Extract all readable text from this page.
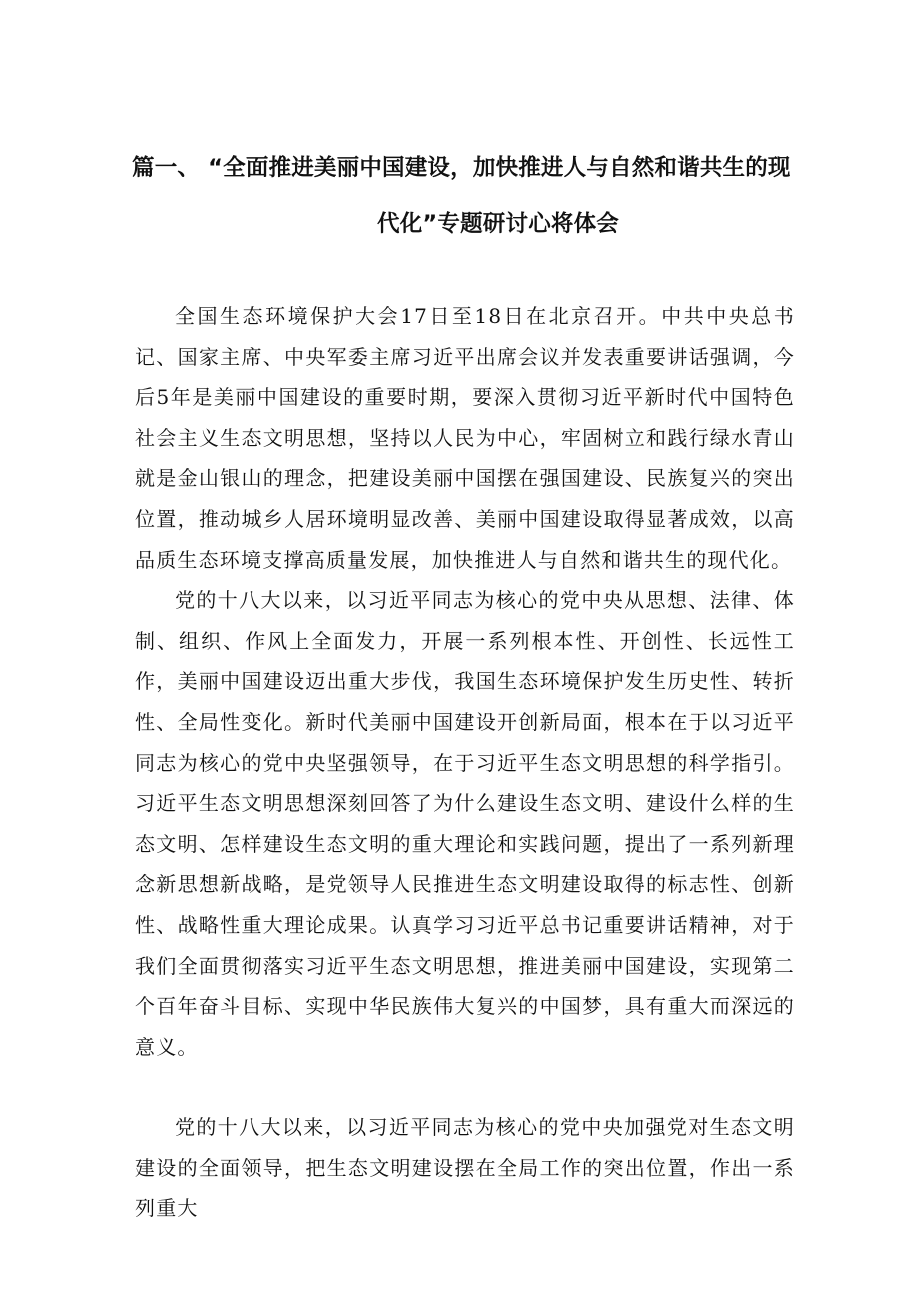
篇一、 “全面推进美丽中国建设，加快推进人与自然和谐共生的现
代化”专题研讨心将体会

全国生态环境保护大会17日至18日在北京召开。中共中央总书记、国家主席、中央军委主席习近平出席会议并发表重要讲话强调，今后5年是美丽中国建设的重要时期，要深入贯彻习近平新时代中国特色社会主义生态文明思想，坚持以人民为中心，牢固树立和践行绿水青山就是金山银山的理念，把建设美丽中国摆在强国建设、民族复兴的突出位置，推动城乡人居环境明显改善、美丽中国建设取得显著成效，以高品质生态环境支撑高质量发展，加快推进人与自然和谐共生的现代化。

党的十八大以来，以习近平同志为核心的党中央从思想、法律、体制、组织、作风上全面发力，开展一系列根本性、开创性、长远性工作，美丽中国建设迈出重大步伐，我国生态环境保护发生历史性、转折性、全局性变化。新时代美丽中国建设开创新局面，根本在于以习近平同志为核心的党中央坚强领导，在于习近平生态文明思想的科学指引。习近平生态文明思想深刻回答了为什么建设生态文明、建设什么样的生态文明、怎样建设生态文明的重大理论和实践问题，提出了一系列新理念新思想新战略，是党领导人民推进生态文明建设取得的标志性、创新性、战略性重大理论成果。认真学习习近平总书记重要讲话精神，对于我们全面贯彻落实习近平生态文明思想，推进美丽中国建设，实现第二个百年奋斗目标、实现中华民族伟大复兴的中国梦，具有重大而深远的意义。

党的十八大以来，以习近平同志为核心的党中央加强党对生态文明建设的全面领导，把生态文明建设摆在全局工作的突出位置，作出一系列重大
